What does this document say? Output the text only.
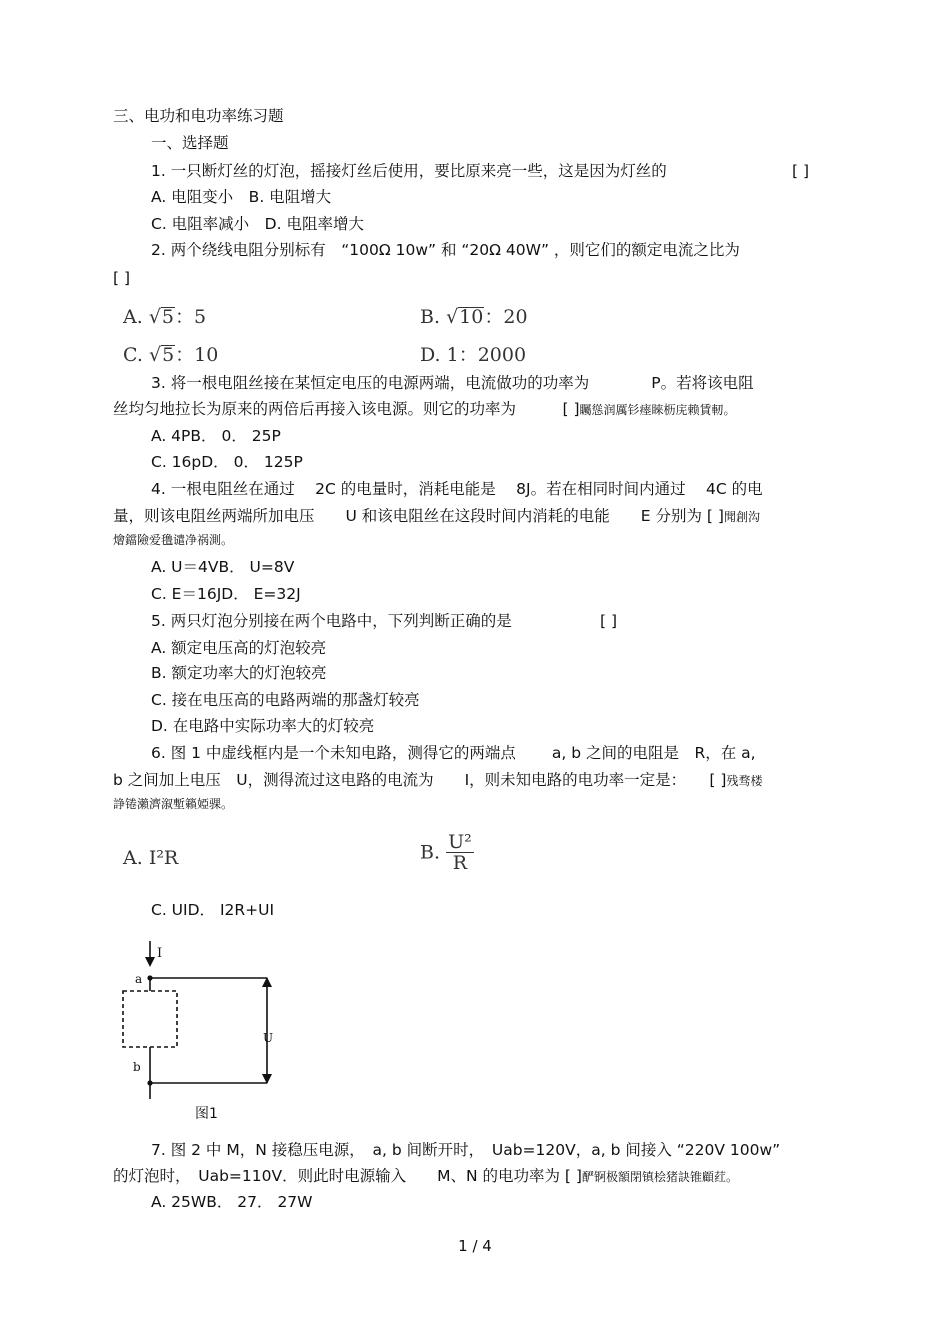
三、电功和电功率练习题
一、选择题
1. 一只断灯丝的灯泡，摇接灯丝后使用，要比原来亮一些，这是因为灯丝的	[ ]
A. 电阻变小　B. 电阻增大
C. 电阻率减小　D. 电阻率增大
2. 两个绕线电阻分别标有　“100Ω 10w” 和 “20Ω 40W” ，则它们的额定电流之比为
[ ]
A. √5：5	B. √10：20
C. √5：10	D. 1：2000
3. 将一根电阻丝接在某恒定电压的电源两端，电流做功的功率为　　　　P。若将该电阻
丝均匀地拉长为原来的两倍后再接入该电源。则它的功率为　　　[ ]矚慫润厲钐瘗睞枥庑赖賃軔。
A. 4PB． 0． 25P
C. 16pD． 0． 125P
4. 一根电阻丝在通过　 2C 的电量时，消耗电能是　 8J。若在相同时间内通过　 4C 的电
量，则该电阻丝两端所加电压　　U 和该电阻丝在这段时间内消耗的电能　　E 分别为 [ ]聞創沟
燴鐺險爱氇谴净祸測。
A. U＝4VB． U=8V
C. E＝16JD． E=32J
5. 两只灯泡分别接在两个电路中，下列判断正确的是	[ ]
A. 额定电压高的灯泡较亮
B. 额定功率大的灯泡较亮
C. 接在电压高的电路两端的那盏灯较亮
D. 在电路中实际功率大的灯较亮
6. 图 1 中虚线框内是一个未知电路，测得它的两端点　　 a, b 之间的电阻是　R，在 a,
b 之间加上电压　U，测得流过这电路的电流为　　I，则未知电路的电功率一定是：　　[ ]残骛楼
諍锩瀨濟溆塹籟婭骒。
A. I²R	B. $\frac{\text{U²}}{R}$
C. UID． I2R+UI
I
a
b
U
图1
7. 图 2 中 M，N 接稳压电源，　a, b 间断开时，　Uab=120V，a, b 间接入 “220V 100w”
的灯泡时，　Uab=110V．则此时电源输入　　M、N 的电功率为 [ ]酽锕极額閉镇桧猪訣锥顧荭。
A. 25WB． 27． 27W
1 / 4
